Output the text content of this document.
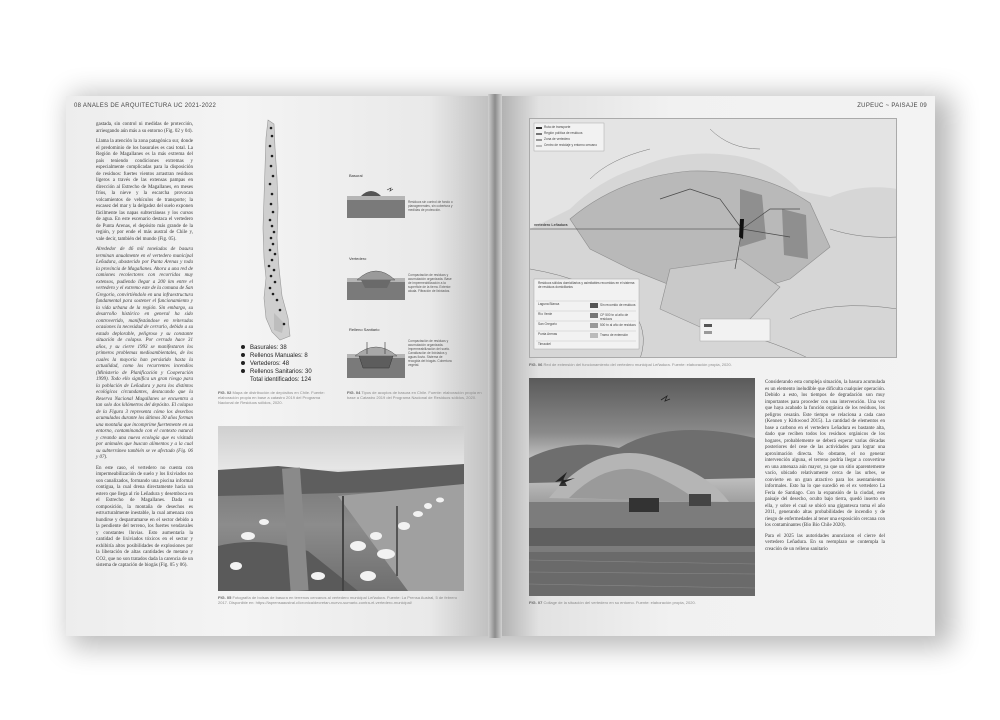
08 ANALES DE ARQUITECTURA UC 2021-2022

gastada, sin control ni medidas de protección, arriesgando aún más a su entorno (Fig. 02 y 04).

Llama la atención la zona patagónica sur, donde el predominio de los basurales es casi total. La Región de Magallanes es la más extrema del país teniendo condiciones extremas y especialmente complicadas para la disposición de residuos: fuertes vientos arrastran residuos ligeros a través de las extensas pampas en dirección al Estrecho de Magallanes, en meses fríos, la nieve y la escarcha provocan volcamientos de vehículos de transporte; la escasez del mar y la delgadez del suelo exponen fácilmente las napas subterráneas y los cursos de agua. En este escenario destaca el vertedero de Punta Arenas, el depósito más grande de la región, y por ende el más austral de Chile y, vale decir, también del mundo (Fig. 05).

Alrededor de 46 mil toneladas de basura terminan anualmente en el vertedero municipal Leñadura, abastecido por Punta Arenas y toda la provincia de Magallanes. Ahora a una red de camiones recolectores con recorridos muy extensos, pudiendo llegar a 200 km entre el vertedero y el extremo este de la comuna de San Gregorio, convirtiéndolo en una infraestructura fundamental para sostener el funcionamiento y la vida urbana de la región. Sin embargo, su desarrollo histórico en general ha sido controvertido, manifestándose en reiteradas ocasiones la necesidad de cerrarlo, debido a su estado deplorable, peligroso y su constante situación de colapso. Por cerrado hace 31 años, y su cierre 1993 se manifestaron los primeros problemas medioambientales, de los cuales la mayoría han persistido hasta la actualidad, como los recurrentes incendios (Ministerio de Planificación y Cooperación 1999). Todo ello significa un gran riesgo para la población de Leñadura y para los distintos ecológicos circundantes, destacando que la Reserva Nacional Magallanes se encuentra a tan solo dos kilómetros del depósito. El colapso de la Figura 3 representa cómo los desechos acumulados durante los últimos 30 años forman una montaña que incomprime fuertemente en su entorno, contaminando con el contexto natural y creando una nueva ecología que es visitada por animales que buscan alimentos y a la cual su subterráneo también se ve afectado (Fig. 06 y 07).

En este caso, el vertedero no cuenta con impermeabilización de suelo y los lixiviados no son canalizados, formando una piscina informal contigua, la cual drena directamente hacia un estero que llega al río Leñadura y desemboca en el Estrecho de Magallanes. Dada su composición, la montaña de desechos es estructuralmente inestable, la cual amenaza con hundirse y desparramarse en el sector debido a la pendiente del terreno, los fuertes vendavales y constantes lluvias. Esto aumentaría la cantidad de lixiviados tóxicos en el sector y exhibiría altos posibilidades de explosiones por la liberación de altas cantidades de metano y CO2, que no son tratados dada la carencia de un sistema de captación de biogás (Fig. 05 y 06).

Basurales: 38
Rellenos Manuales: 8
Vertederos: 48
Rellenos Sanitarios: 30
Total identificados: 124
FIG. 02 Mapa de distribución de depósitos en Chile. Fuente: elaboración propia en base a catastro 2019 del Programa Nacional de Residuos sólidos, 2020.
Basural
Residuos sin control de fondo o planagenerales, sin cobertura y medidas de protección.
Vertedero
Compactación de residuos y acumulación organizada. Base de impermeabilización a la superficie de la tierra. Exterior: alcala. Filtración de lixiviados.
Relleno Sanitario
Compactación de residuos y acumulación organizada. Impermeabilización del suelo. Canalización de lixiviados y aguas lluvia. Sistema de recogida del biogás. Cobertura vegetal.
FIG. 04 Tipos de acopios de basura en Chile. Fuente: elaboración propia en base a Catastro 2019 del Programa Nacional de Residuos sólidos, 2020.
FIG. 05 Fotografía de bolsas de basura en terrenos cercanos al vertedero municipal Leñadura. Fuente: La Prensa Austral, 5 de febrero 2017. Disponible en: https://laprensaaustral.cl/cronica/decretan-nuevo-sumario-contra-el-vertedero-municipal/
ZUPEUC ~ PAISAJE 09
Ruta de transporte
Región política de residuos
Zona de vertedero
Centro de reciclaje y entorno cercano
vertedero Leñadura
Residuos sólidos domiciliarios y asimilables recorridos en el sistema de residuos domiciliarios
Laguna Blanca
Río Verde
San Gregorio
Punta Arenas
Timaukel
Sin recorrido de residuos
CP 500 tn al año de residuos
500 tn al año de residuos
Tramo de extensión
FIG. 06 Red de extensión del funcionamiento del vertedero municipal Leñadura. Fuente: elaboración propia, 2020.
FIG. 07 Collage de la situación del vertedero en su entorno. Fuente: elaboración propia, 2020.

Considerando esta compleja situación, la basura acumulada es un elemento ineludible que dificulta cualquier operación. Debido a esto, los tiempos de degradación son muy importantes para proceder con una intervención. Una vez que haya acabado la función orgánica de los residuos, los peligros cesarán. Este tiempo se relaciona a cada caso (Kennen y Kirkwood 2015). La cantidad de elementos en base a carbono en el vertedero Leñadura es bastante alta, dado que reciben todos los residuos orgánicos de los hogares, probablemente se deberá esperar varias décadas posteriores del cese de las actividades para lograr una aproximación directa. No obstante, el no generar intervención alguna, el terreno podría llegar a convertirse en una amenaza aún mayor, ya que un sitio aparentemente vacío, ubicado relativamente cerca de las urbes, se convierte en un gran atractivo para los asentamientos informales. Esto ha lo que sucedió en el ex vertedero La Feria de Santiago. Con la expansión de la ciudad, este paisaje del desecho, oculto bajo tierra, quedó inserto en ella, y sobre el cual se ubicó una gigantesca toma el año 2011, generando altas probabilidades de incendio y de riesgo de enfermedades al tener una exposición cercana con los contaminantes (Bio Bio Chile 2020).

Para el 2025 las autoridades anunciaron el cierre del vertedero Leñadura. En su reemplazo se contempla la creación de un relleno sanitario
